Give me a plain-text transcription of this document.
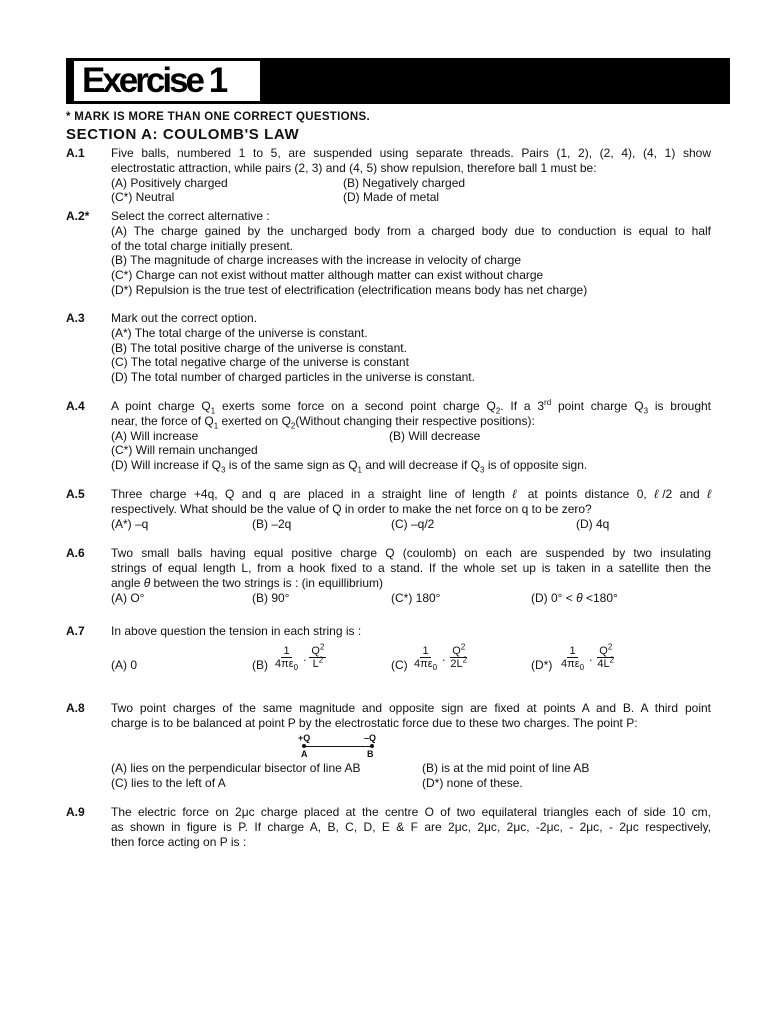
Exercise 1
* MARK IS MORE THAN ONE CORRECT QUESTIONS.
SECTION A: COULOMB'S LAW
A.1 Five balls, numbered 1 to 5, are suspended using separate threads. Pairs (1, 2), (2, 4), (4, 1) show
electrostatic attraction, while pairs (2, 3) and (4, 5) show repulsion, therefore ball 1 must be:
(A) Positively charged	(B) Negatively charged
(C*) Neutral	(D) Made of metal
A.2* Select the correct alternative :
(A) The charge gained by the uncharged body from a charged body due to conduction is equal to half
of the total charge initially present.
(B) The magnitude of charge increases with the increase in velocity of charge
(C*) Charge can not exist without matter although matter can exist without charge
(D*) Repulsion is the true test of electrification (electrification means body has net charge)
A.3 Mark out the correct option.
(A*) The total charge of the universe is constant.
(B) The total positive charge of the universe is constant.
(C) The total negative charge of the universe is constant
(D) The total number of charged particles in the universe is constant.
A.4 A point charge $Q_1$ exerts some force on a second point charge $Q_2$. If a 3rd point charge $Q_3$ is brought
near, the force of $Q_1$ exerted on $Q_2(Without$ changing their respective positions):
(A) Will increase	(B) Will decrease
(C*) Will remain unchanged
(D) Will increase if $Q_3$ is of the same sign as $Q_1$ and will decrease if $Q_3$ is of opposite sign.
A.5 Three charge +4q, Q and q are placed in a straight line of length ℓ at points distance 0, ℓ/2 and ℓ
respectively. What should be the value of Q in order to make the net force on q to be zero?
(A*) –q	(B) –2q	(C) –q/2	(D) 4q
A.6 Two small balls having equal positive charge Q (coulomb) on each are suspended by two insulating
strings of equal length L, from a hook fixed to a stand. If the whole set up is taken in a satellite then the
angle θ between the two strings is : (in equillibrium)
(A) O°	(B) 90°	(C*) 180°	(D) 0° < θ <180°
A.7 In above question the tension in each string is :
(A) 0	$(B) \frac{1}{4\pi\varepsilon_0}$ . $\frac{Q^2}{L^2}$	$(C) \frac{1}{4\pi\varepsilon_0}$ . $\frac{Q^2}{2L^2}$	$(D*) \frac{1}{4\pi\varepsilon_0}$ . $\frac{Q^2}{4L^2}$
A.8 Two point charges of the same magnitude and opposite sign are fixed at points A and B. A third point
charge is to be balanced at point P by the electrostatic force due to these two charges. The point P:
+Q	–Q
A	B
(A) lies on the perpendicular bisector of line AB	(B) is at the mid point of line AB
(C) lies to the left of A	(D*) none of these.
A.9 The electric force on 2μc charge placed at the centre O of two equilateral triangles each of side 10 cm,
as shown in figure is P. If charge A, B, C, D, E & F are 2μc, 2μc, 2μc, -2μc, - 2μc, - 2μc respectively,
then force acting on P is :
